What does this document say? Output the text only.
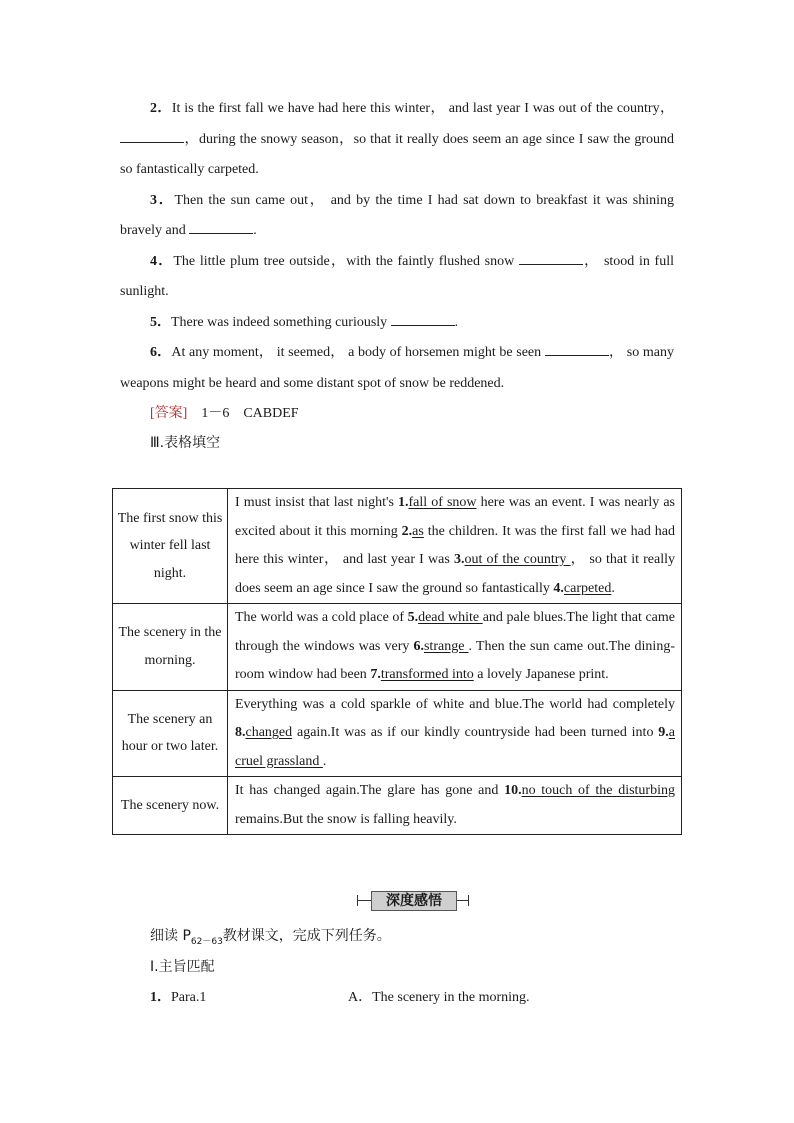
2．It is the first fall we have had here this winter， and last year I was out of the country，，during the snowy season，so that it really does seem an age since I saw the ground so fantastically carpeted.

3．Then the sun came out， and by the time I had sat down to breakfast it was shining bravely and	.

4．The little plum tree outside，with the faintly flushed snow	， stood in full sunlight.

5．There was indeed something curiously	.

6．At any moment， it seemed， a body of horsemen might be seen	， so many weapons might be heard and some distant spot of snow be reddened.

[答案]　 1－6　CABDEF
Ⅲ.表格填空
The first snow this winter fell last night.	I must insist that last night's 1.fall of snow here was an event. I was nearly as excited about it this morning 2.as the children. It was the first fall we had had here this winter， and last year I was 3.out of the country ， so that it really does seem an age since I saw the ground so fantastically 4.carpeted.
The scenery in the morning.	The world was a cold place of 5.dead white and pale blues.The light that came through the windows was very 6.strange . Then the sun came out.The dining-room window had been 7.transformed into a lovely Japanese print.
The scenery an hour or two later.	Everything was a cold sparkle of white and blue.The world had completely 8.changed again.It was as if our kindly countryside had been turned into 9.a cruel grassland .
The scenery now.	It has changed again.The glare has gone and 10.no touch of the disturbing remains.But the snow is falling heavily.
深度感悟
细读 $P_{62-63}$教材课文，完成下列任务。
Ⅰ.主旨匹配
1．Para.1	A．The scenery in the morning.
